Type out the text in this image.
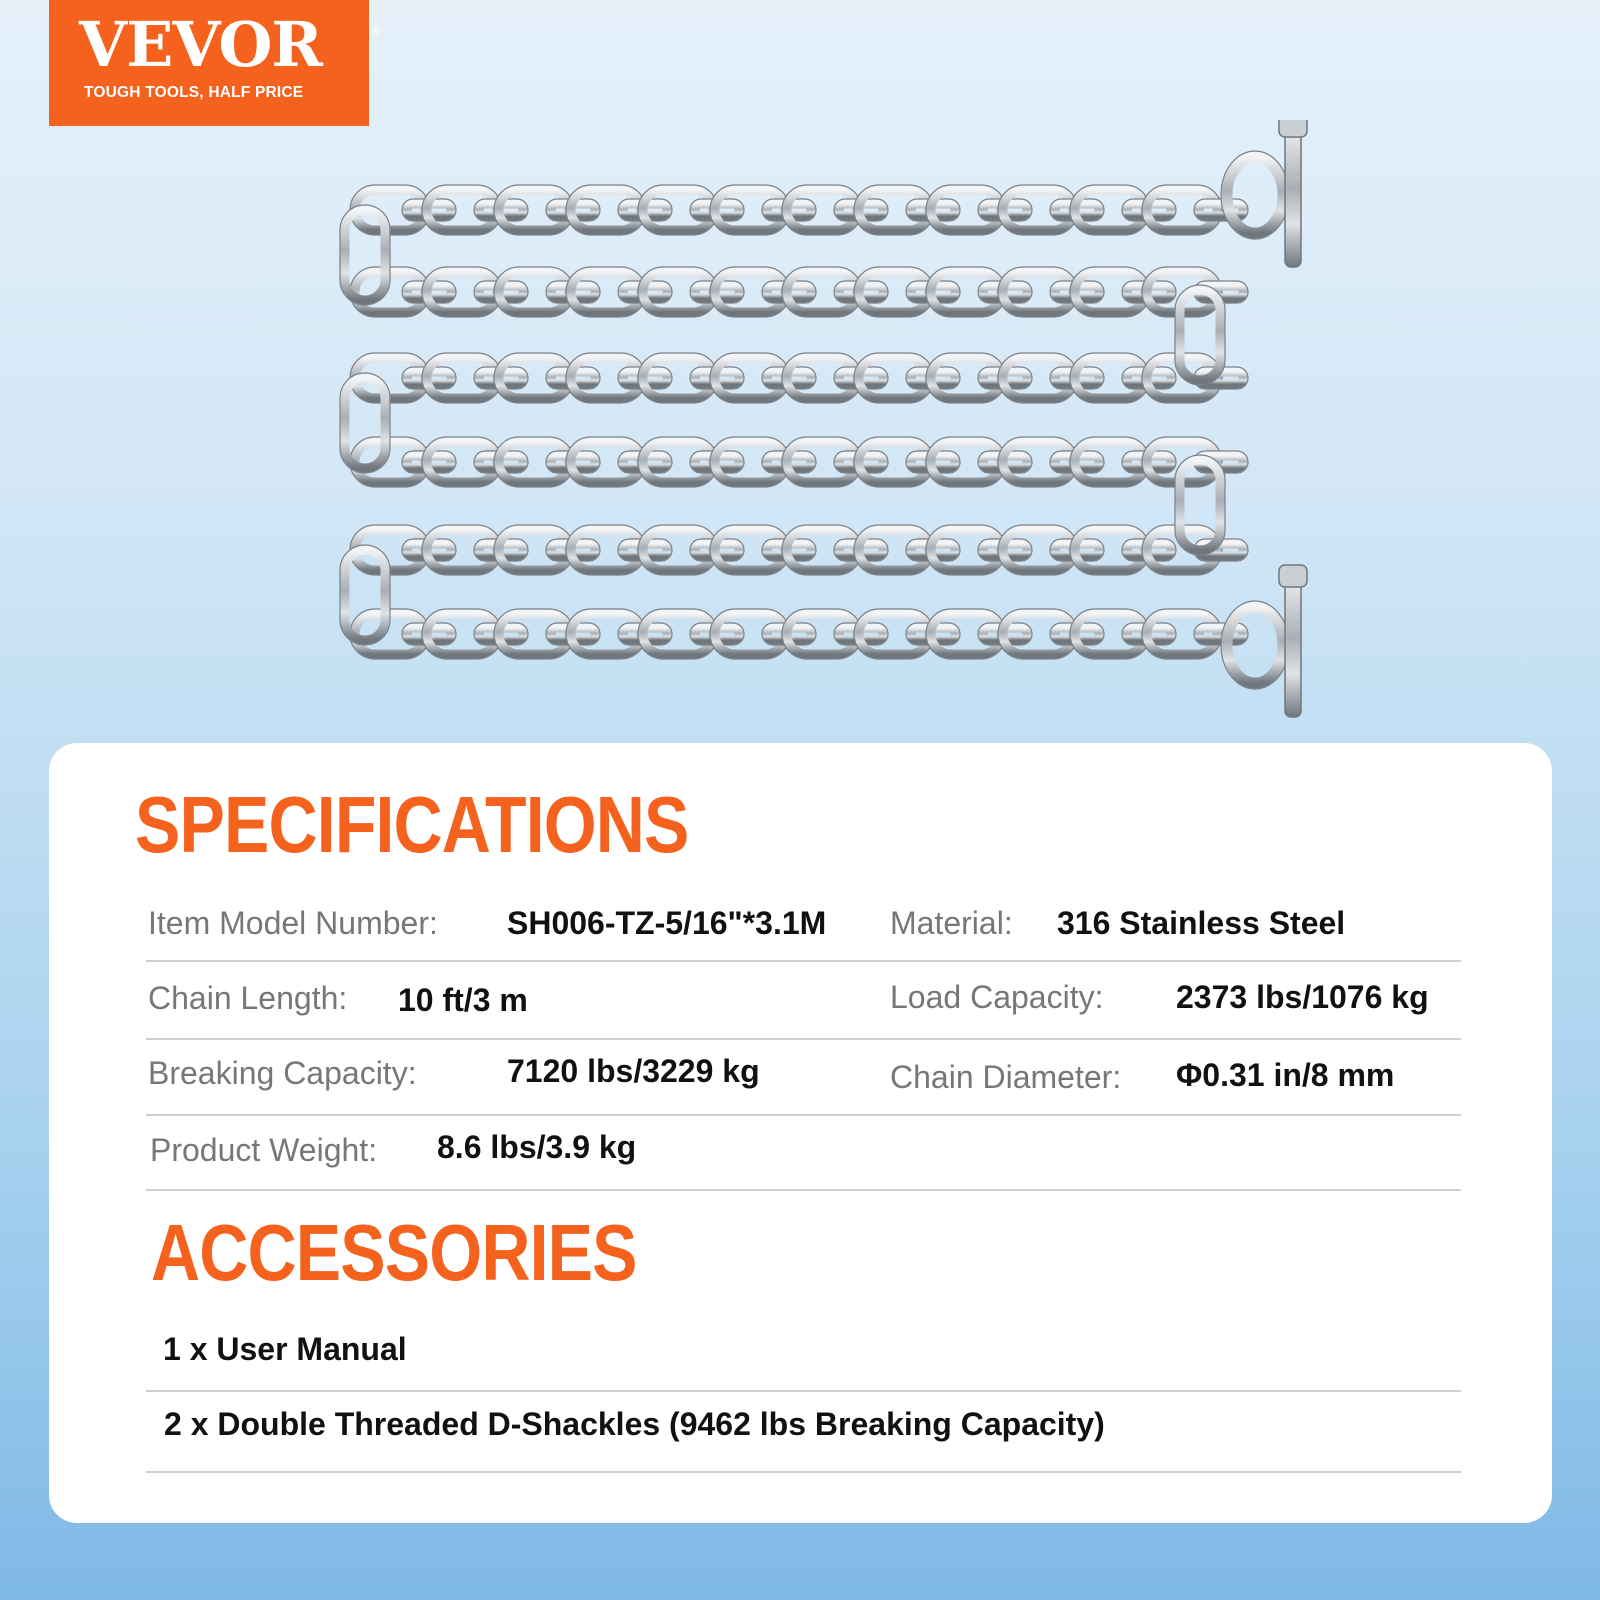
VEVOR	®
TOUGH TOOLS, HALF PRICE
SPECIFICATIONS
Item Model Number: SH006-TZ-5/16"*3.1M Material: 316 Stainless Steel
Chain Length: 10 ft/3 m	Load Capacity: 2373 lbs/1076 kg
Breaking Capacity:	7120 lbs/3229 kg	Chain Diameter: Φ0.31 in/8 mm
Product Weight: 8.6 lbs/3.9 kg
ACCESSORIES
1 x User Manual
2 x Double Threaded D-Shackles (9462 lbs Breaking Capacity)
